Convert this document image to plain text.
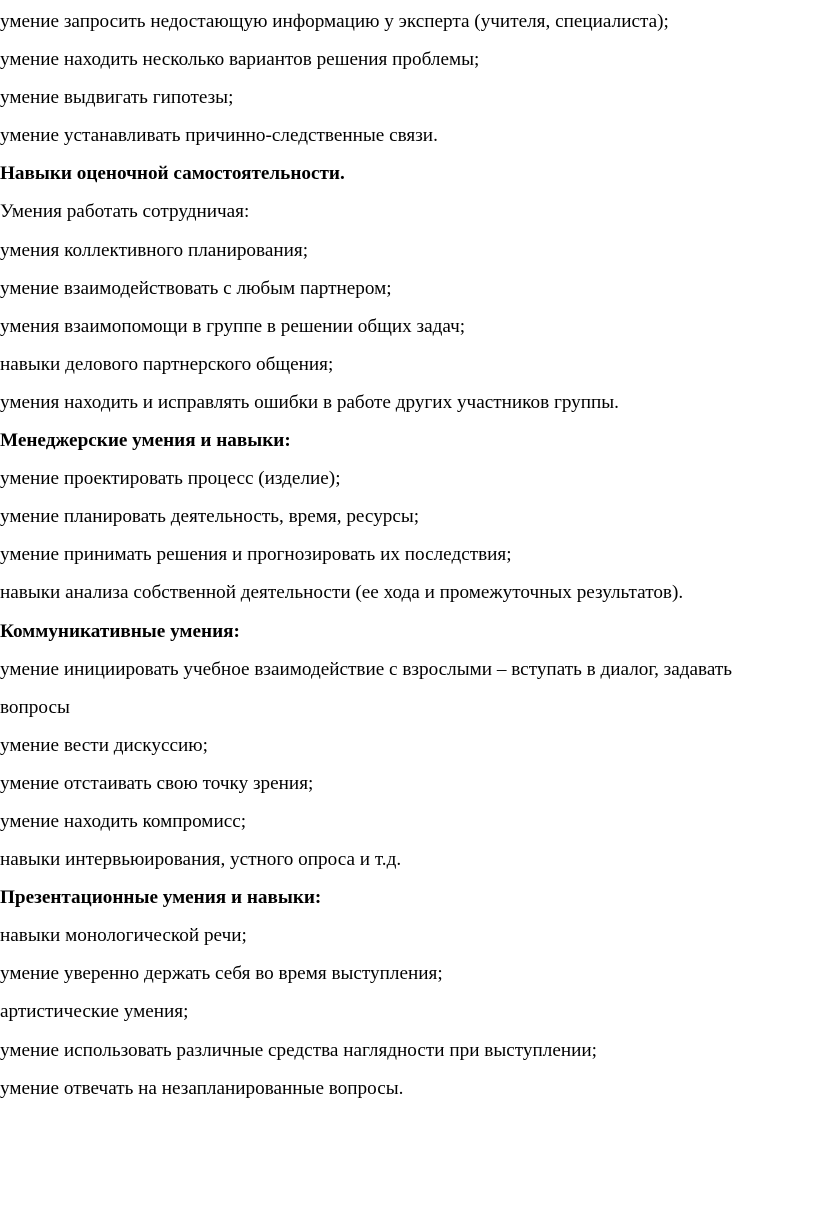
умение запросить недостающую информацию у эксперта (учителя, специалиста);

умение находить несколько вариантов решения проблемы;

умение выдвигать гипотезы;

умение устанавливать причинно-следственные связи.

Навыки оценочной самостоятельности.

Умения работать сотрудничая:

умения коллективного планирования;

умение взаимодействовать с любым партнером;

умения взаимопомощи в группе в решении общих задач;

навыки делового партнерского общения;

умения находить и исправлять ошибки в работе других участников группы.

Менеджерские умения и навыки:

умение проектировать процесс (изделие);

умение планировать деятельность, время, ресурсы;

умение принимать решения и прогнозировать их последствия;

навыки анализа собственной деятельности (ее хода и промежуточных результатов).

Коммуникативные умения:

умение инициировать учебное взаимодействие с взрослыми – вступать в диалог, задавать

вопросы

умение вести дискуссию;

умение отстаивать свою точку зрения;

умение находить компромисс;

навыки интервьюирования, устного опроса и т.д.

Презентационные умения и навыки:

навыки монологической речи;

умение уверенно держать себя во время выступления;

артистические умения;

умение использовать различные средства наглядности при выступлении;

умение отвечать на незапланированные вопросы.
